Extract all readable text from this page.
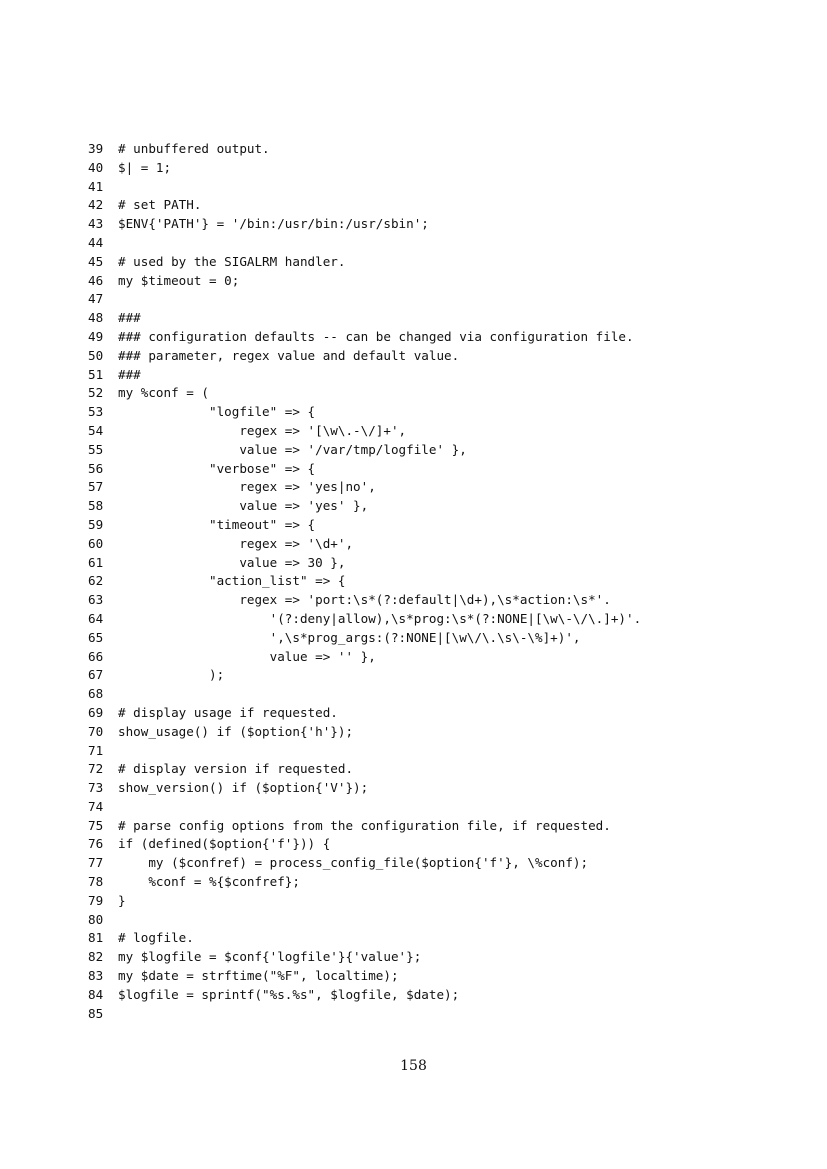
39	# unbuffered output.
40	$| = 1;
41
42	# set PATH.
43	$ENV{'PATH'} = '/bin:/usr/bin:/usr/sbin';
44
45	# used by the SIGALRM handler.
46	my $timeout = 0;
47
48	###
49	### configuration defaults -- can be changed via configuration file.
50	### parameter, regex value and default value.
51	###
52	my %conf = (
53	"logfile" => {
54	regex => '[\w\.-\/]+',
55	value => '/var/tmp/logfile' },
56	"verbose" => {
57	regex => 'yes|no',
58	value => 'yes' },
59	"timeout" => {
60	regex => '\d+',
61	value => 30 },
62	"action_list" => {
63	regex => 'port:\s*(?:default|\d+),\s*action:\s*'.
64	'(?:deny|allow),\s*prog:\s*(?:NONE|[\w\-\/\.]+)'.
65	',\s*prog_args:(?:NONE|[\w\/\.\s\-\%]+)',
66	value => '' },
67	);
68
69	# display usage if requested.
70	show_usage() if ($option{'h'});
71
72	# display version if requested.
73	show_version() if ($option{'V'});
74
75	# parse config options from the configuration file, if requested.
76	if (defined($option{'f'})) {
77	my ($confref) = process_config_file($option{'f'}, \%conf);
78	%conf = %{$confref};
79	}
80
81	# logfile.
82	my $logfile = $conf{'logfile'}{'value'};
83	my $date = strftime("%F", localtime);
84	$logfile = sprintf("%s.%s", $logfile, $date);
85
158
